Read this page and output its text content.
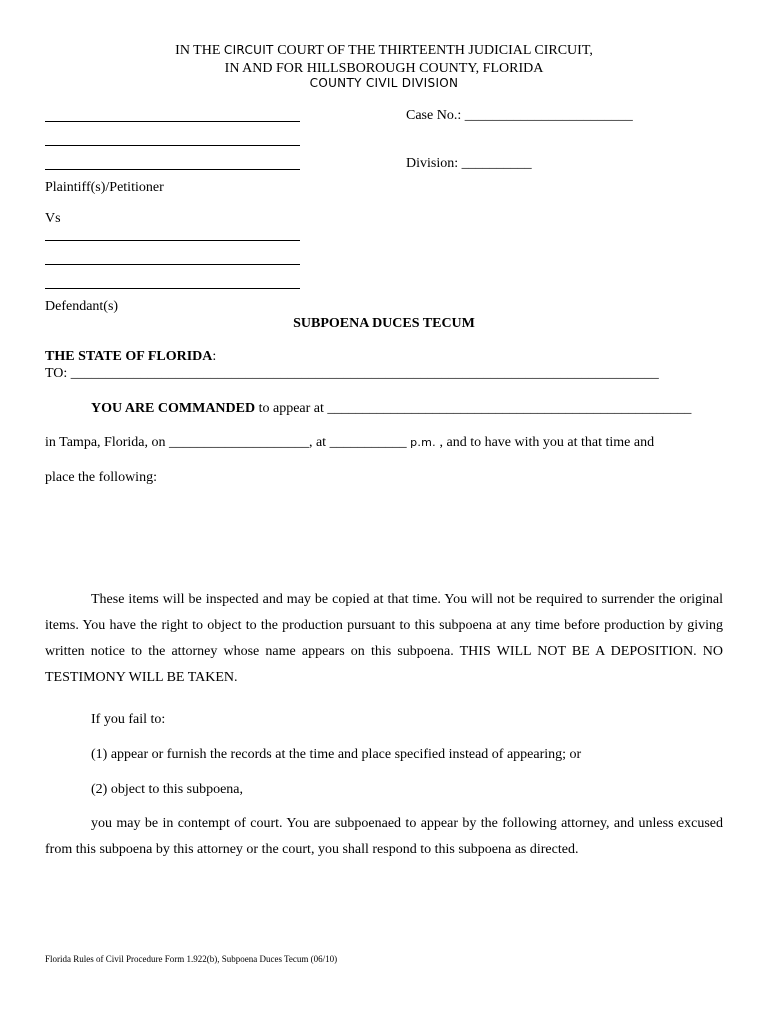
IN THE CIRCUIT COURT OF THE THIRTEENTH JUDICIAL CIRCUIT,
IN AND FOR HILLSBOROUGH COUNTY, FLORIDA
COUNTY CIVIL DIVISION
Plaintiff(s)/Petitioner
Vs
Defendant(s)
Case No.: ________________________
Division: __________
SUBPOENA DUCES TECUM
THE STATE OF FLORIDA:
TO: ____________________________________________________________________________________
YOU ARE COMMANDED to appear at ____________________________________________________
in Tampa, Florida, on ____________________, at ___________ p.m. , and to have with you at that time and
place the following:
These items will be inspected and may be copied at that time. You will not be required to surrender the original items. You have the right to object to the production pursuant to this subpoena at any time before production by giving written notice to the attorney whose name appears on this subpoena. THIS WILL NOT BE A DEPOSITION. NO TESTIMONY WILL BE TAKEN.
If you fail to:
(1) appear or furnish the records at the time and place specified instead of appearing; or
(2) object to this subpoena,
you may be in contempt of court. You are subpoenaed to appear by the following attorney, and unless excused from this subpoena by this attorney or the court, you shall respond to this subpoena as directed.
Florida Rules of Civil Procedure Form 1.922(b), Subpoena Duces Tecum (06/10)
